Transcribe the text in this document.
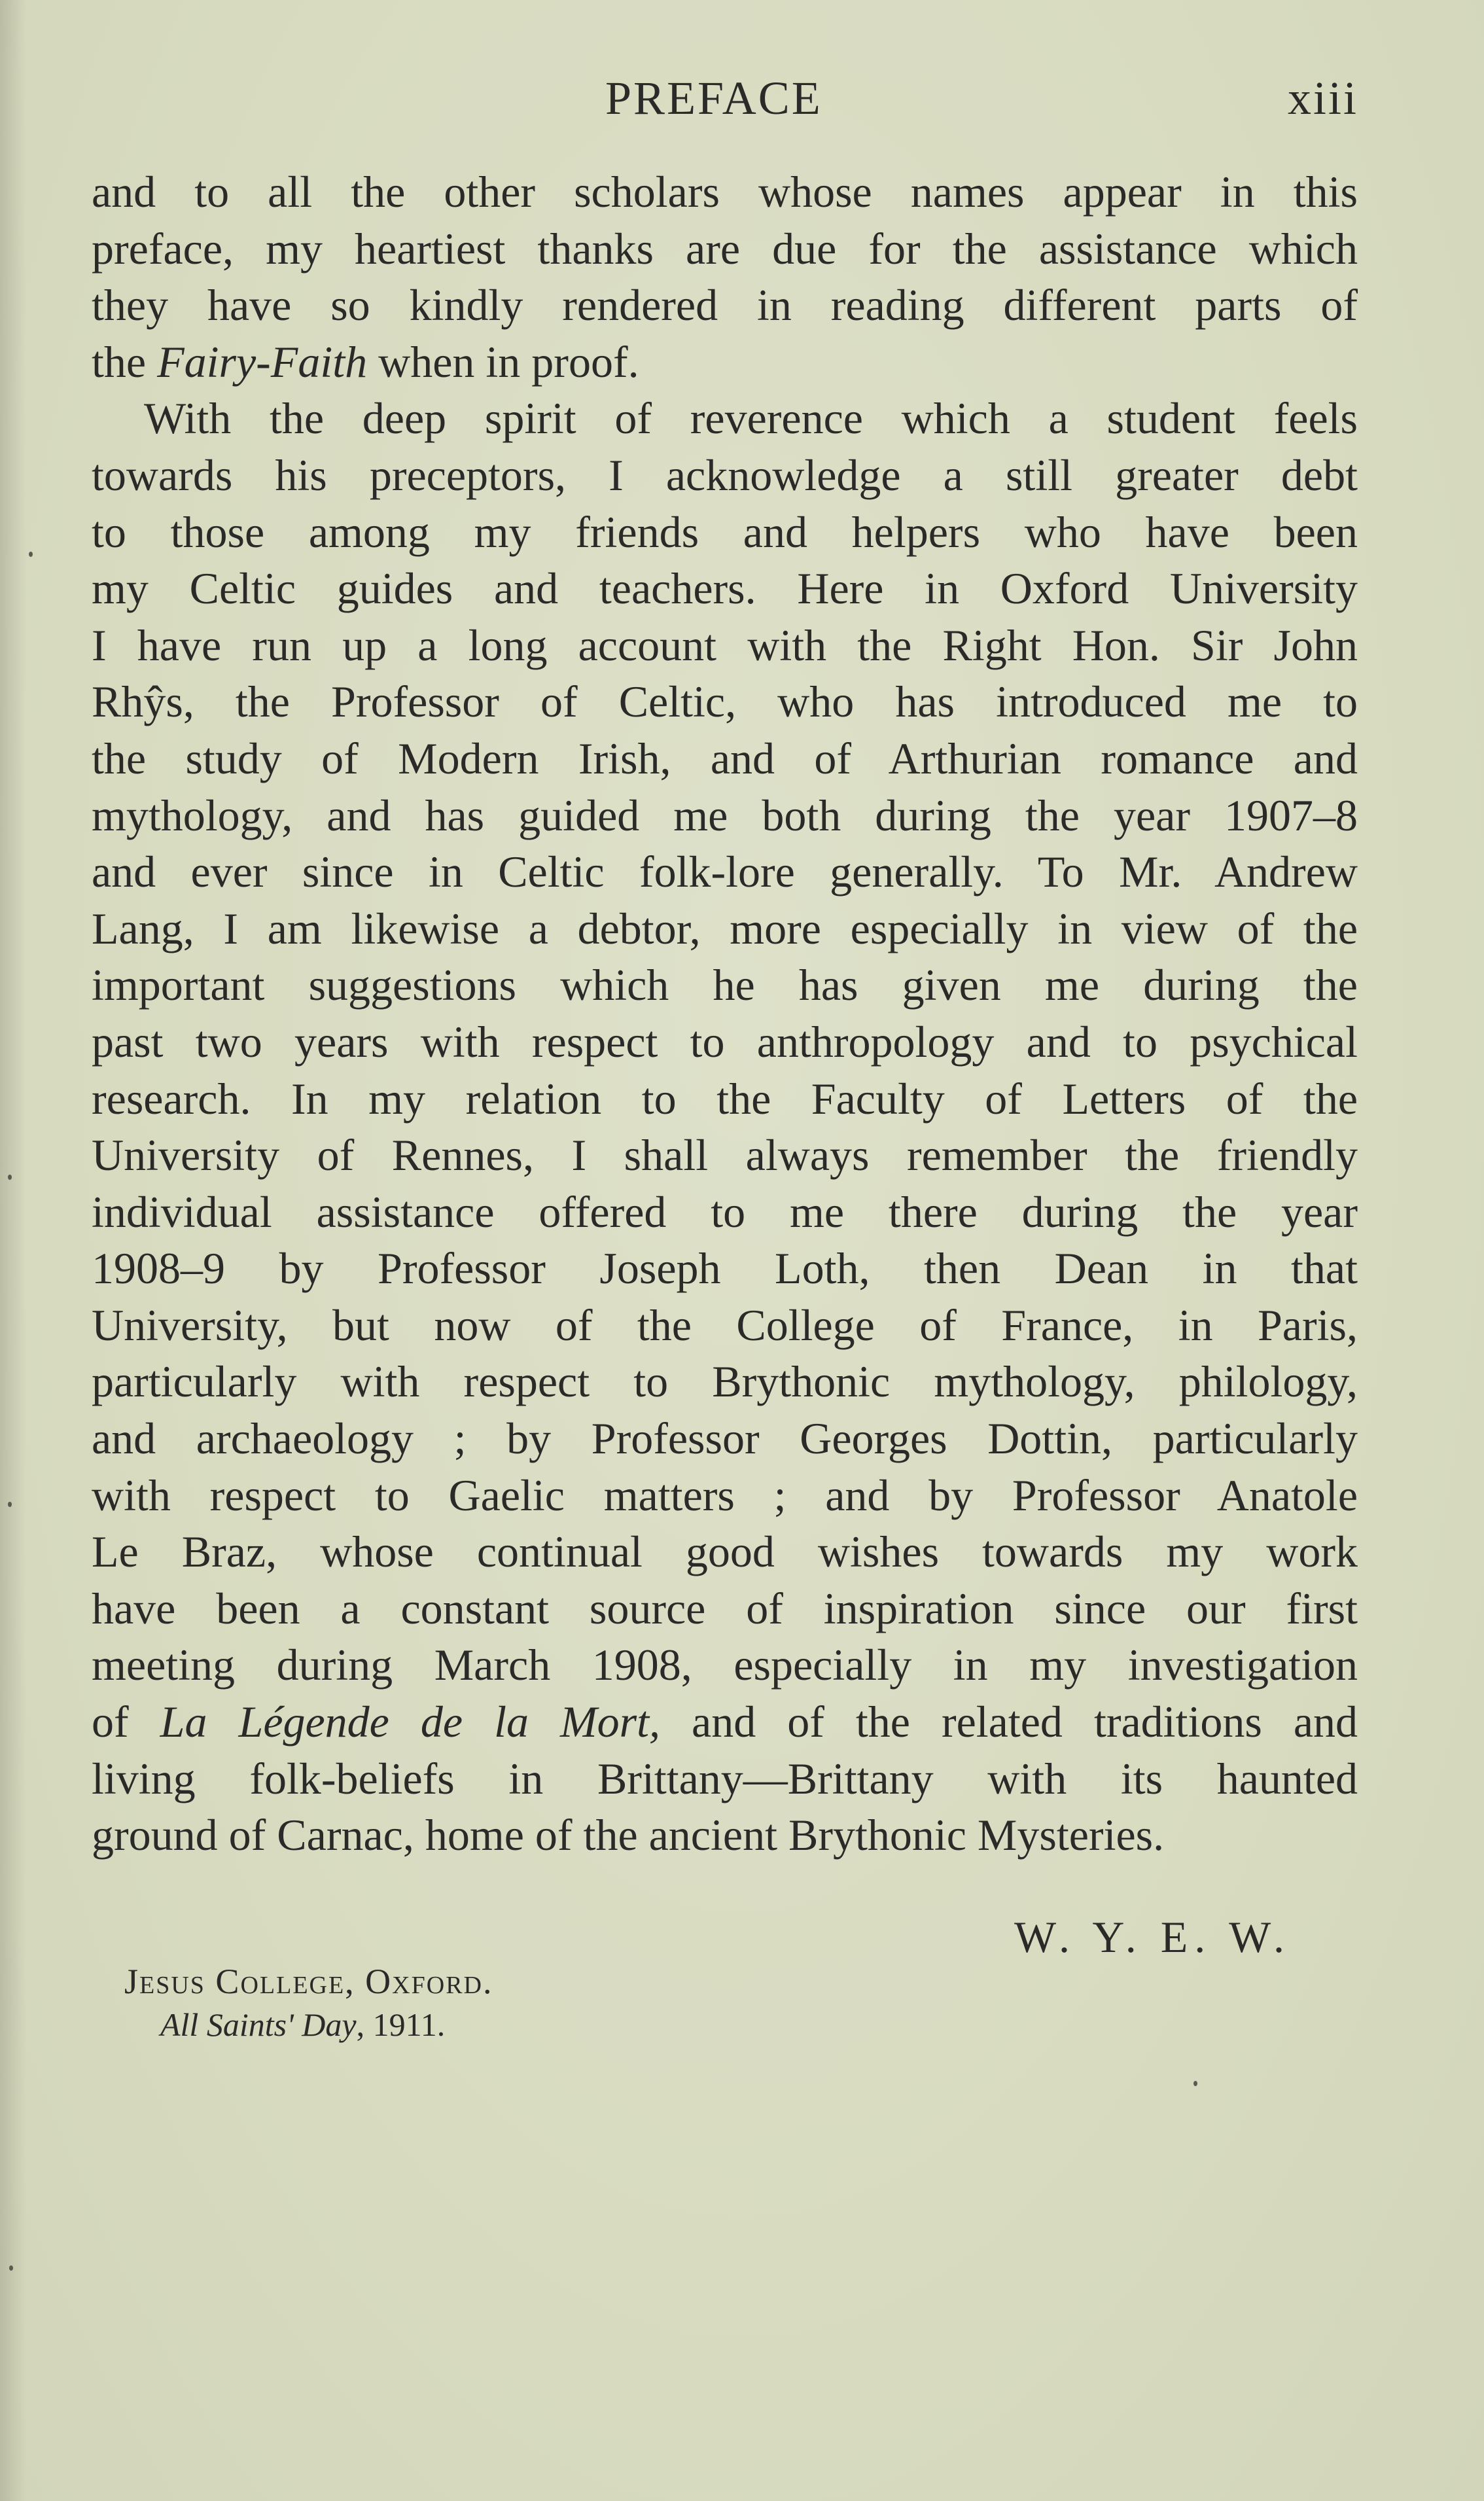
PREFACE	xiii
and to all the other scholars whose names appear in this
preface, my heartiest thanks are due for the assistance which
they have so kindly rendered in reading different parts of
the Fairy-Faith when in proof.
With the deep spirit of reverence which a student feels
towards his preceptors, I acknowledge a still greater debt
to those among my friends and helpers who have been
my Celtic guides and teachers. Here in Oxford University
I have run up a long account with the Right Hon. Sir John
Rhŷs, the Professor of Celtic, who has introduced me to
the study of Modern Irish, and of Arthurian romance and
mythology, and has guided me both during the year 1907–8
and ever since in Celtic folk-lore generally. To Mr. Andrew
Lang, I am likewise a debtor, more especially in view of the
important suggestions which he has given me during the
past two years with respect to anthropology and to psychical
research. In my relation to the Faculty of Letters of the
University of Rennes, I shall always remember the friendly
individual assistance offered to me there during the year
1908–9 by Professor Joseph Loth, then Dean in that
University, but now of the College of France, in Paris,
particularly with respect to Brythonic mythology, philology,
and archaeology ; by Professor Georges Dottin, particularly
with respect to Gaelic matters ; and by Professor Anatole
Le Braz, whose continual good wishes towards my work
have been a constant source of inspiration since our first
meeting during March 1908, especially in my investigation
of La Légende de la Mort, and of the related traditions and
living folk-beliefs in Brittany—Brittany with its haunted
ground of Carnac, home of the ancient Brythonic Mysteries.
W. Y. E. W.
Jesus College, Oxford.
All Saints' Day, 1911.
